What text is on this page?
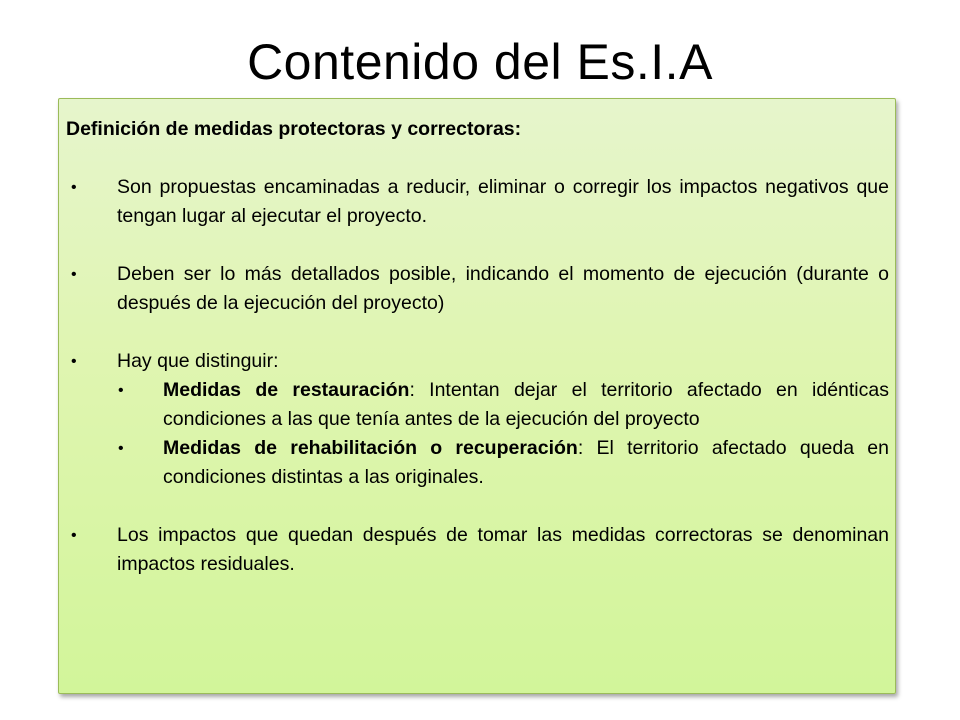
Contenido del Es.I.A
Definición de medidas protectoras y correctoras:
• Son propuestas encaminadas a reducir, eliminar o corregir los impactos negativos que tengan lugar al ejecutar el proyecto.
• Deben ser lo más detallados posible, indicando el momento de ejecución (durante o después de la ejecución del proyecto)
• Hay que distinguir:
• Medidas de restauración: Intentan dejar el territorio afectado en idénticas condiciones a las que tenía antes de la ejecución del proyecto
• Medidas de rehabilitación o recuperación: El territorio afectado queda en condiciones distintas a las originales.
• Los impactos que quedan después de tomar las medidas correctoras se denominan impactos residuales.
